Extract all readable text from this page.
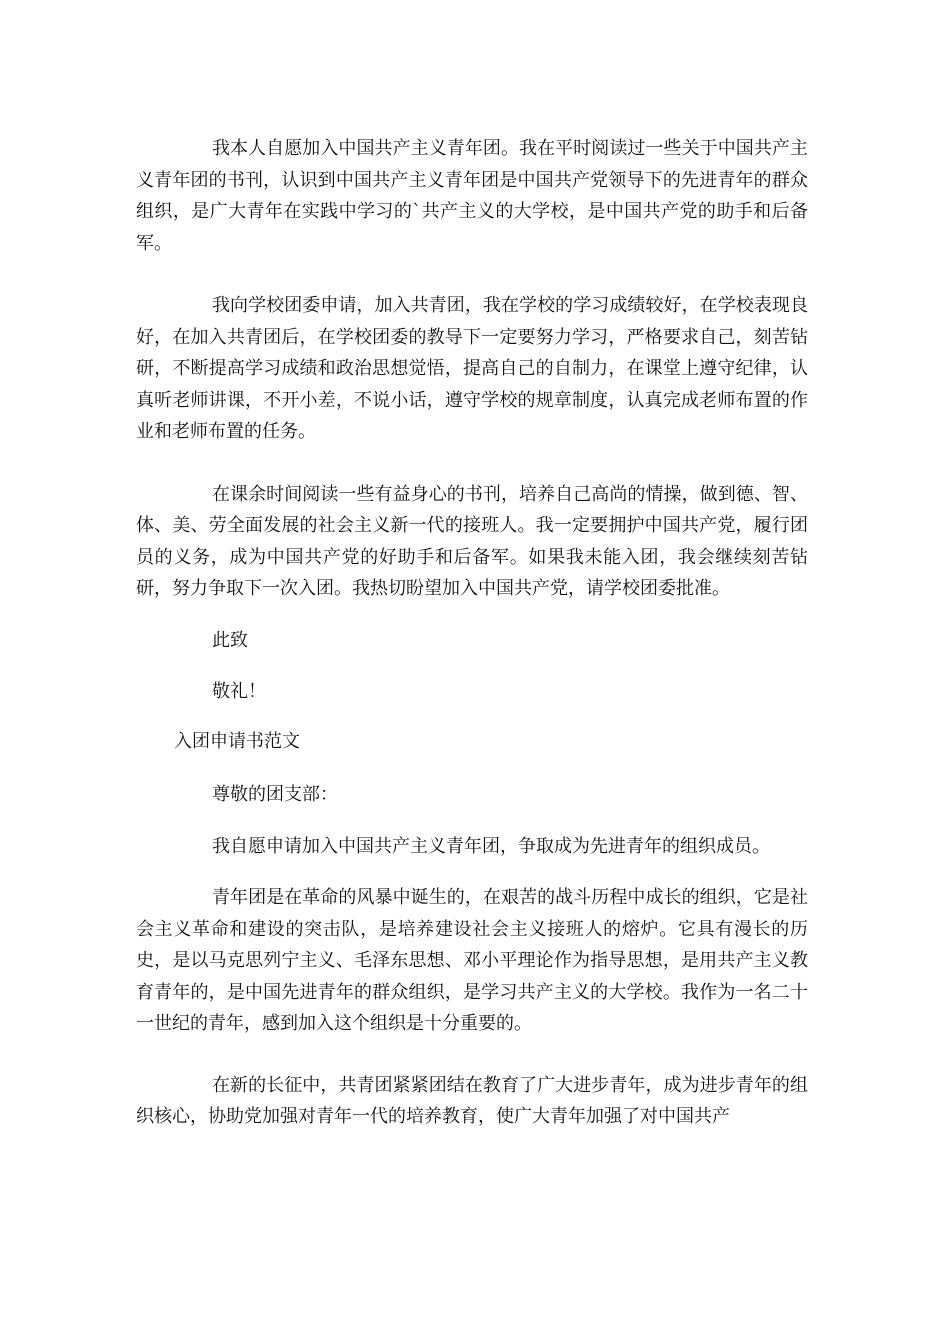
我本人自愿加入中国共产主义青年团。我在平时阅读过一些关于中国共产主义青年团的书刊，认识到中国共产主义青年团是中国共产党领导下的先进青年的群众组织，是广大青年在实践中学习的`共产主义的大学校，是中国共产党的助手和后备军。

我向学校团委申请，加入共青团，我在学校的学习成绩较好，在学校表现良好，在加入共青团后，在学校团委的教导下一定要努力学习，严格要求自己，刻苦钻研，不断提高学习成绩和政治思想觉悟，提高自己的自制力，在课堂上遵守纪律，认真听老师讲课，不开小差，不说小话，遵守学校的规章制度，认真完成老师布置的作业和老师布置的任务。

在课余时间阅读一些有益身心的书刊，培养自己高尚的情操，做到德、智、体、美、劳全面发展的社会主义新一代的接班人。我一定要拥护中国共产党，履行团员的义务，成为中国共产党的好助手和后备军。如果我未能入团，我会继续刻苦钻研，努力争取下一次入团。我热切盼望加入中国共产党，请学校团委批准。

此致

敬礼！

入团申请书范文

尊敬的团支部：

我自愿申请加入中国共产主义青年团，争取成为先进青年的组织成员。

青年团是在革命的风暴中诞生的，在艰苦的战斗历程中成长的组织，它是社会主义革命和建设的突击队，是培养建设社会主义接班人的熔炉。它具有漫长的历史，是以马克思列宁主义、毛泽东思想、邓小平理论作为指导思想，是用共产主义教育青年的，是中国先进青年的群众组织，是学习共产主义的大学校。我作为一名二十一世纪的青年，感到加入这个组织是十分重要的。

在新的长征中，共青团紧紧团结在教育了广大进步青年，成为进步青年的组织核心，协助党加强对青年一代的培养教育，使广大青年加强了对中国共产
